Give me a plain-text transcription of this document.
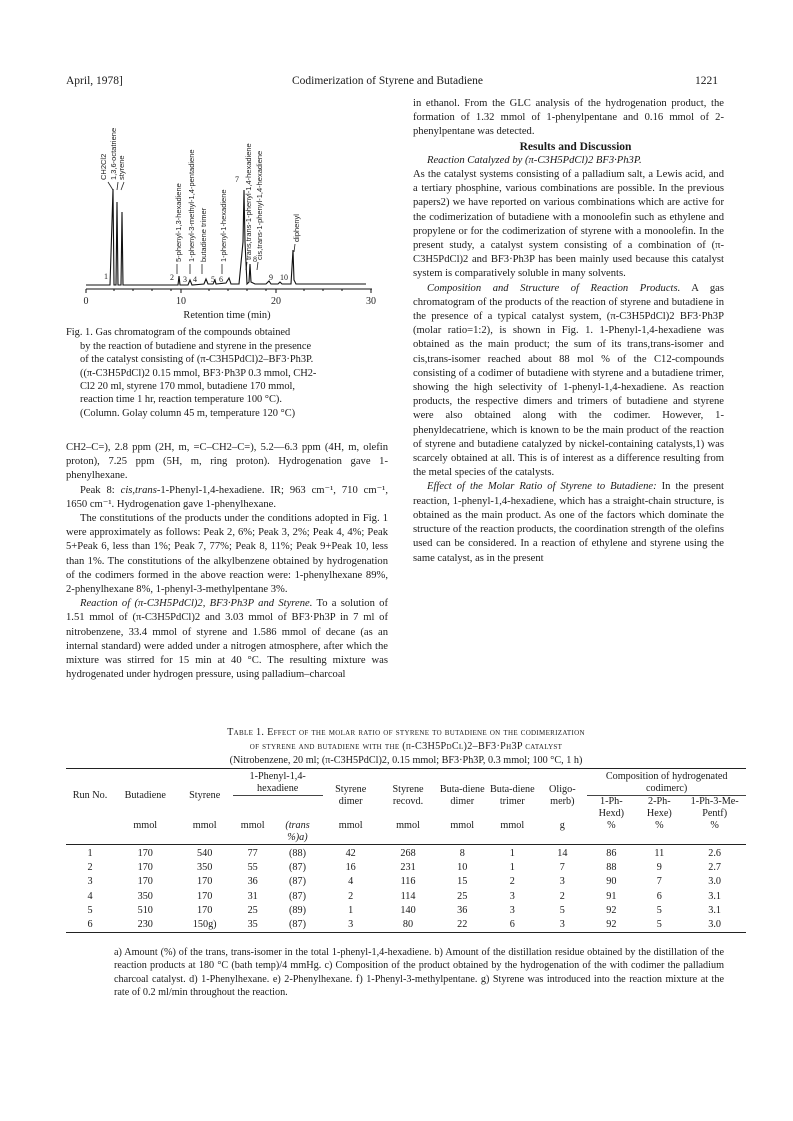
April, 1978]	Codimerization of Styrene and Butadiene	1221
CH2Cl2 1,3,6-octatriene styrene
5-phenyl-1,3-hexadiene 1-phenyl-3-methyl-1,4-pentadiene butadiene trimer 1-phenyl-1-hexadiene trans,trans-1-phenyl-1,4-hexadiene cis,trans-1-phenyl-1,4-hexadiene	diphenyl
1	2 3 4 5 6
7
8
9 10
0	10	20	30

Retention time (min)

Fig. 1. Gas chromatogram of the compounds obtained

by the reaction of butadiene and styrene in the presence

of the catalyst consisting of (π-C3H5PdCl)2–BF3·Ph3P.

((π-C3H5PdCl)2 0.15 mmol, BF3·Ph3P 0.3 mmol, CH2-

Cl2 20 ml, styrene 170 mmol, butadiene 170 mmol,

reaction time 1 hr, reaction temperature 100 °C).

(Column. Golay column 45 m, temperature 120 °C)

CH2–C=), 2.8 ppm (2H, m, =C–CH2–C=), 5.2—6.3 ppm (4H, m, olefin proton), 7.25 ppm (5H, m, ring proton). Hydrogenation gave 1-phenylhexane.

Peak 8: cis,trans-1-Phenyl-1,4-hexadiene. IR; 963 cm⁻¹, 710 cm⁻¹, 1650 cm⁻¹. Hydrogenation gave 1-phenylhexane.

The constitutions of the products under the conditions adopted in Fig. 1 were approximately as follows: Peak 2, 6%; Peak 3, 2%; Peak 4, 4%; Peak 5+Peak 6, less than 1%; Peak 7, 77%; Peak 8, 11%; Peak 9+Peak 10, less than 1%. The constitutions of the alkylbenzene obtained by hydrogenation of the codimers formed in the above reaction were: 1-phenylhexane 89%, 2-phenylhexane 8%, 1-phenyl-3-methylpentane 3%.

Reaction of (π-C3H5PdCl)2, BF3·Ph3P and Styrene. To a solution of 1.51 mmol of (π-C3H5PdCl)2 and 3.03 mmol of BF3·Ph3P in 7 ml of nitrobenzene, 33.4 mmol of styrene and 1.586 mmol of decane (as an internal standard) were added under a nitrogen atmosphere, after which the mixture was stirred for 15 min at 40 °C. The resulting mixture was hydrogenated under hydrogen pressure, using palladium–charcoal

in ethanol. From the GLC analysis of the hydrogenation product, the formation of 1.32 mmol of 1-phenylpentane and 0.16 mmol of 2-phenylpentane was detected.

Results and Discussion

Reaction Catalyzed by (π-C3H5PdCl)2 BF3·Ph3P.

As the catalyst systems consisting of a palladium salt, a Lewis acid, and a tertiary phosphine, various combinations are possible. In the previous papers2) we have reported on various combinations which are active for the codimerization of butadiene with a monoolefin such as ethylene and propylene or for the codimerization of styrene with a monoolefin. In the present study, a catalyst system consisting of a combination of (π-C3H5PdCl)2 and BF3·Ph3P has been mainly used because this catalyst system is comparatively soluble in many solvents.

Composition and Structure of Reaction Products. A gas chromatogram of the products of the reaction of styrene and butadiene in the presence of a typical catalyst system, (π-C3H5PdCl)2 BF3·Ph3P (molar ratio=1:2), is shown in Fig. 1. 1-Phenyl-1,4-hexadiene was obtained as the main product; the sum of its trans,trans-isomer and cis,trans-isomer reached about 88 mol % of the C12-compounds consisting of a codimer of butadiene with styrene and a butadiene trimer, showing the high selectivity of 1-phenyl-1,4-hexadiene. As reaction products, the respective dimers and trimers of butadiene and styrene were also obtained along with the codimer. However, 1-phenyldecatriene, which is known to be the main product of the reaction of styrene and butadiene catalyzed by nickel-containing catalysts,1) was scarcely obtained at all. This is of interest as a difference resulting from the metal species of the catalysts.

Effect of the Molar Ratio of Styrene to Butadiene: In the present reaction, 1-phenyl-1,4-hexadiene, which has a straight-chain structure, is obtained as the main product. As one of the factors which dominate the structure of the reaction products, the coordination strength of the olefins used can be considered. In a reaction of ethylene and styrene using the same catalyst, as in the present

Table 1. Effect of the molar ratio of styrene to butadiene on the codimerization
of styrene and butadiene with the (π-C3H5PdCl)2–BF3·Ph3P catalyst
(Nitrobenzene, 20 ml; (π-C3H5PdCl)2, 0.15 mmol; BF3·Ph3P, 0.3 mmol; 100 °C, 1 h)

Run No.	Butadiene	Styrene	1-Phenyl-1,4-hexadiene		Styrene dimer	Styrene recovd.	Buta-diene dimer	Buta-diene trimer	Oligo-merb)	Composition of hydrogenated codimerc)		
										1-Ph-Hexd)	2-Ph-Hexe)	1-Ph-3-Me-Pentf)
	mmol	mmol	mmol	(trans %)a)	mmol	mmol	mmol	mmol	g	%	%	%

1	170	540	77	(88)	42	268	8	1	14	86	11	2.6
2	170	350	55	(87)	16	231	10	1	7	88	9	2.7
3	170	170	36	(87)	4	116	15	2	3	90	7	3.0
4	350	170	31	(87)	2	114	25	3	2	91	6	3.1
5	510	170	25	(89)	1	140	36	3	5	92	5	3.1
6	230	150g)	35	(87)	3	80	22	6	3	92	5	3.0

a) Amount (%) of the trans, trans-isomer in the total 1-phenyl-1,4-hexadiene. b) Amount of the distillation residue obtained by the distillation of the reaction products at 180 °C (bath temp)/4 mmHg. c) Composition of the product obtained by the hydrogenation of the with codimer the palladium charcoal catalyst. d) 1-Phenylhexane. e) 2-Phenylhexane. f) 1-Phenyl-3-methylpentane. g) Styrene was introduced into the reaction mixture at the rate of 0.2 ml/min throughout the reaction.
